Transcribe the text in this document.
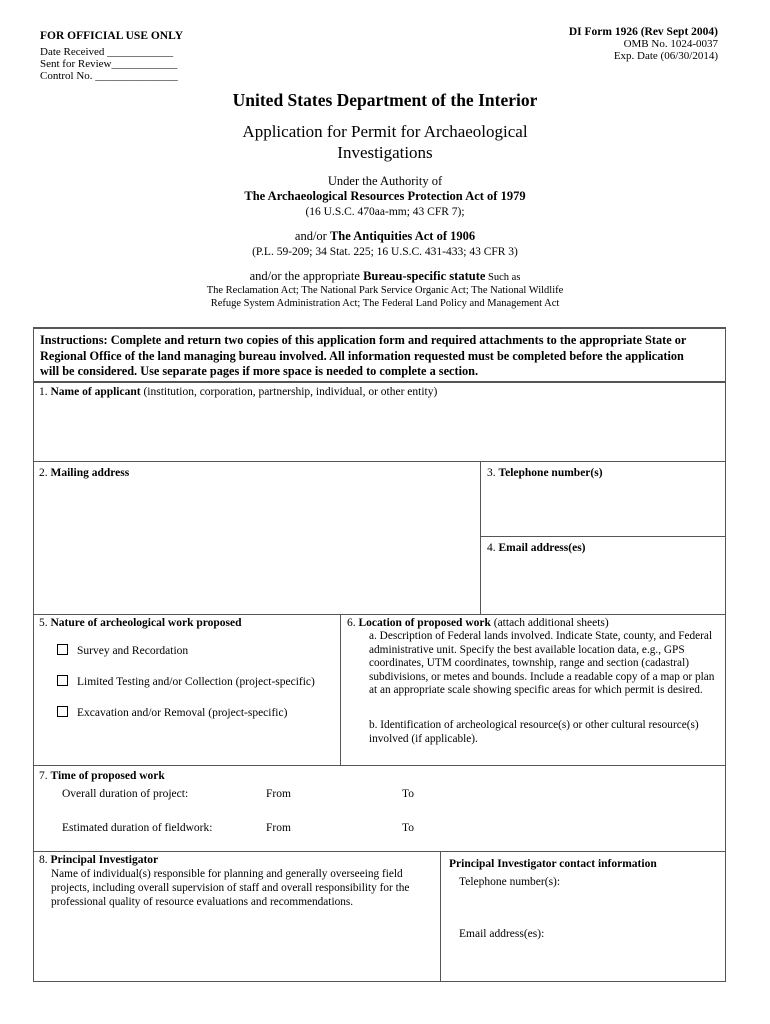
FOR OFFICIAL USE ONLY
Date Received ____________
Sent for Review____________
Control No. _______________
DI Form 1926 (Rev Sept 2004)
OMB No. 1024-0037
Exp. Date (06/30/2014)
United States Department of the Interior
Application for Permit for Archaeological
Investigations
Under the Authority of
The Archaeological Resources Protection Act of 1979
(16 U.S.C. 470aa-mm; 43 CFR 7);
and/or The Antiquities Act of 1906
(P.L. 59-209; 34 Stat. 225; 16 U.S.C. 431-433; 43 CFR 3)
and/or the appropriate Bureau-specific statute Such as
The Reclamation Act; The National Park Service Organic Act; The National Wildlife
Refuge System Administration Act; The Federal Land Policy and Management Act
Instructions: Complete and return two copies of this application form and required attachments to the appropriate State or
Regional Office of the land managing bureau involved. All information requested must be completed before the application
will be considered. Use separate pages if more space is needed to complete a section.
1. Name of applicant (institution, corporation, partnership, individual, or other entity)
2. Mailing address	3. Telephone number(s)
4. Email address(es)
5. Nature of archeological work proposed
Survey and Recordation
Limited Testing and/or Collection (project-specific)
Excavation and/or Removal (project-specific)
6. Location of proposed work (attach additional sheets)
a. Description of Federal lands involved. Indicate State, county, and Federal
administrative unit. Specify the best available location data, e.g., GPS
coordinates, UTM coordinates, township, range and section (cadastral)
subdivisions, or metes and bounds. Include a readable copy of a map or plan
at an appropriate scale showing specific areas for which permit is desired.
b. Identification of archeological resource(s) or other cultural resource(s)
involved (if applicable).
7. Time of proposed work
Overall duration of project:	From	To
Estimated duration of fieldwork:	From	To
8. Principal Investigator
Name of individual(s) responsible for planning and generally overseeing field
projects, including overall supervision of staff and overall responsibility for the
professional quality of resource evaluations and recommendations.
Principal Investigator contact information
Telephone number(s):
Email address(es):
